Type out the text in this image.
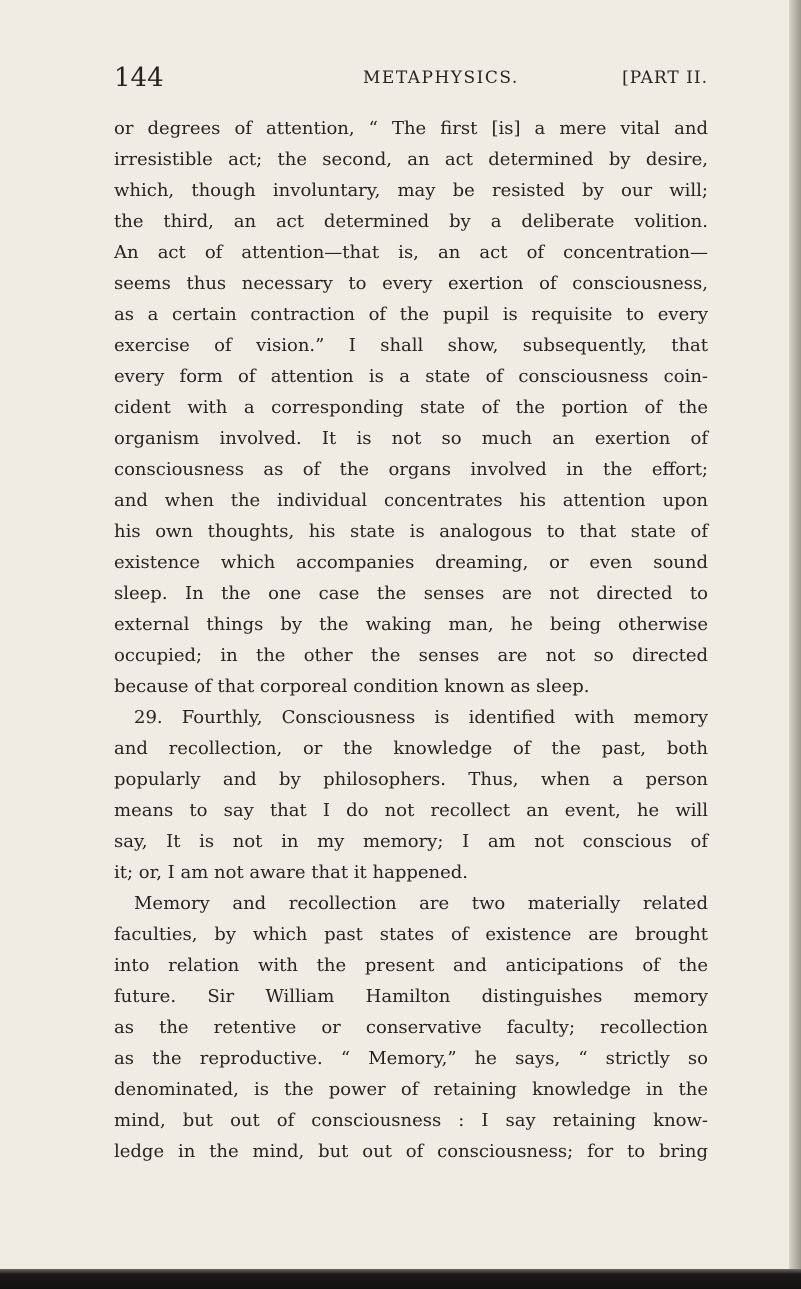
144	METAPHYSICS.	[PART II.
or degrees of attention, “ The first [is] a mere vital and
irresistible act; the second, an act determined by desire,
which, though involuntary, may be resisted by our will;
the third, an act determined by a deliberate volition.
An act of attention—that is, an act of concentration—
seems thus necessary to every exertion of consciousness,
as a certain contraction of the pupil is requisite to every
exercise of vision.” I shall show, subsequently, that
every form of attention is a state of consciousness coin-
cident with a corresponding state of the portion of the
organism involved. It is not so much an exertion of
consciousness as of the organs involved in the effort;
and when the individual concentrates his attention upon
his own thoughts, his state is analogous to that state of
existence which accompanies dreaming, or even sound
sleep. In the one case the senses are not directed to
external things by the waking man, he being otherwise
occupied; in the other the senses are not so directed
because of that corporeal condition known as sleep.
29. Fourthly, Consciousness is identified with memory
and recollection, or the knowledge of the past, both
popularly and by philosophers. Thus, when a person
means to say that I do not recollect an event, he will
say, It is not in my memory; I am not conscious of
it; or, I am not aware that it happened.
Memory and recollection are two materially related
faculties, by which past states of existence are brought
into relation with the present and anticipations of the
future. Sir William Hamilton distinguishes memory
as the retentive or conservative faculty; recollection
as the reproductive. “ Memory,” he says, “ strictly so
denominated, is the power of retaining knowledge in the
mind, but out of consciousness : I say retaining know-
ledge in the mind, but out of consciousness; for to bring
